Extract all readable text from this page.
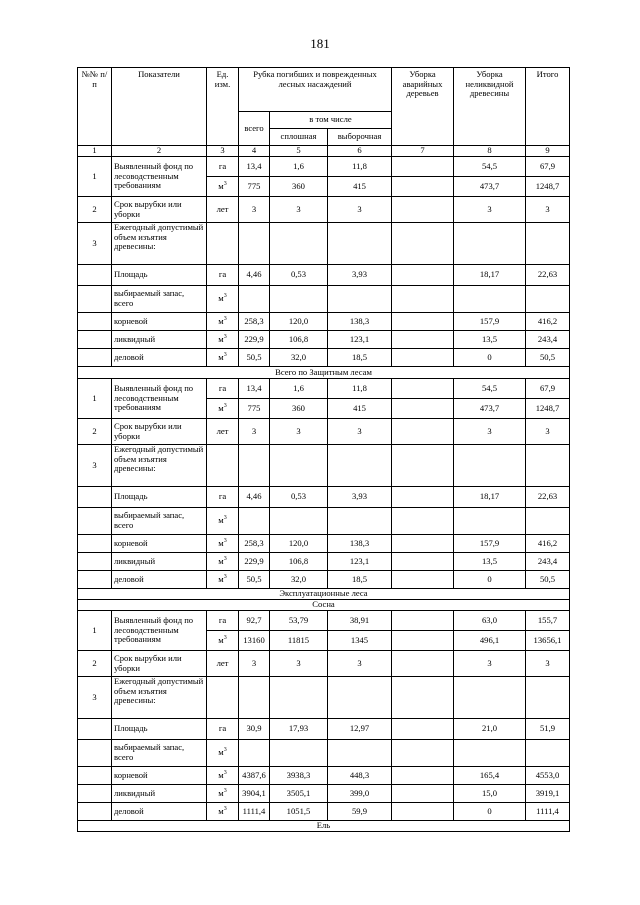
181
№№ п/п	Показатели	Ед. изм.	Рубка погибших и поврежденных лесных насаждений			Уборка аварийных деревьев	Уборка неликвидной древесины	Итого
			всего	в том числе				
				сплошная	выборочная			
1	2	3	4	5	6	7	8	9
1	Выявленный фонд по лесоводственным требованиям	га	13,4	1,6	11,8		54,5	67,9
		$м^3$	775	360	415		473,7	1248,7
2	Срок вырубки или уборки	лет	3	3	3		3	3
3	Ежегодный допустимый объем изъятия древесины:							
	Площадь	га	4,46	0,53	3,93		18,17	22,63
	выбираемый запас, всего	$м^3$						
	корневой	$м^3$	258,3	120,0	138,3		157,9	416,2
	ликвидный	$м^3$	229,9	106,8	123,1		13,5	243,4
	деловой	$м^3$	50,5	32,0	18,5		0	50,5
Всего по Защитным лесам								
1	Выявленный фонд по лесоводственным требованиям	га	13,4	1,6	11,8		54,5	67,9
		$м^3$	775	360	415		473,7	1248,7
2	Срок вырубки или уборки	лет	3	3	3		3	3
3	Ежегодный допустимый объем изъятия древесины:							
	Площадь	га	4,46	0,53	3,93		18,17	22,63
	выбираемый запас, всего	$м^3$						
	корневой	$м^3$	258,3	120,0	138,3		157,9	416,2
	ликвидный	$м^3$	229,9	106,8	123,1		13,5	243,4
	деловой	$м^3$	50,5	32,0	18,5		0	50,5
Эксплуатационные леса								
Сосна								
1	Выявленный фонд по лесоводственным требованиям	га	92,7	53,79	38,91		63,0	155,7
		$м^3$	13160	11815	1345		496,1	13656,1
2	Срок вырубки или уборки	лет	3	3	3		3	3
3	Ежегодный допустимый объем изъятия древесины:							
	Площадь	га	30,9	17,93	12,97		21,0	51,9
	выбираемый запас, всего	$м^3$						
	корневой	$м^3$	4387,6	3938,3	448,3		165,4	4553,0
	ликвидный	$м^3$	3904,1	3505,1	399,0		15,0	3919,1
	деловой	$м^3$	1111,4	1051,5	59,9		0	1111,4
Ель								
